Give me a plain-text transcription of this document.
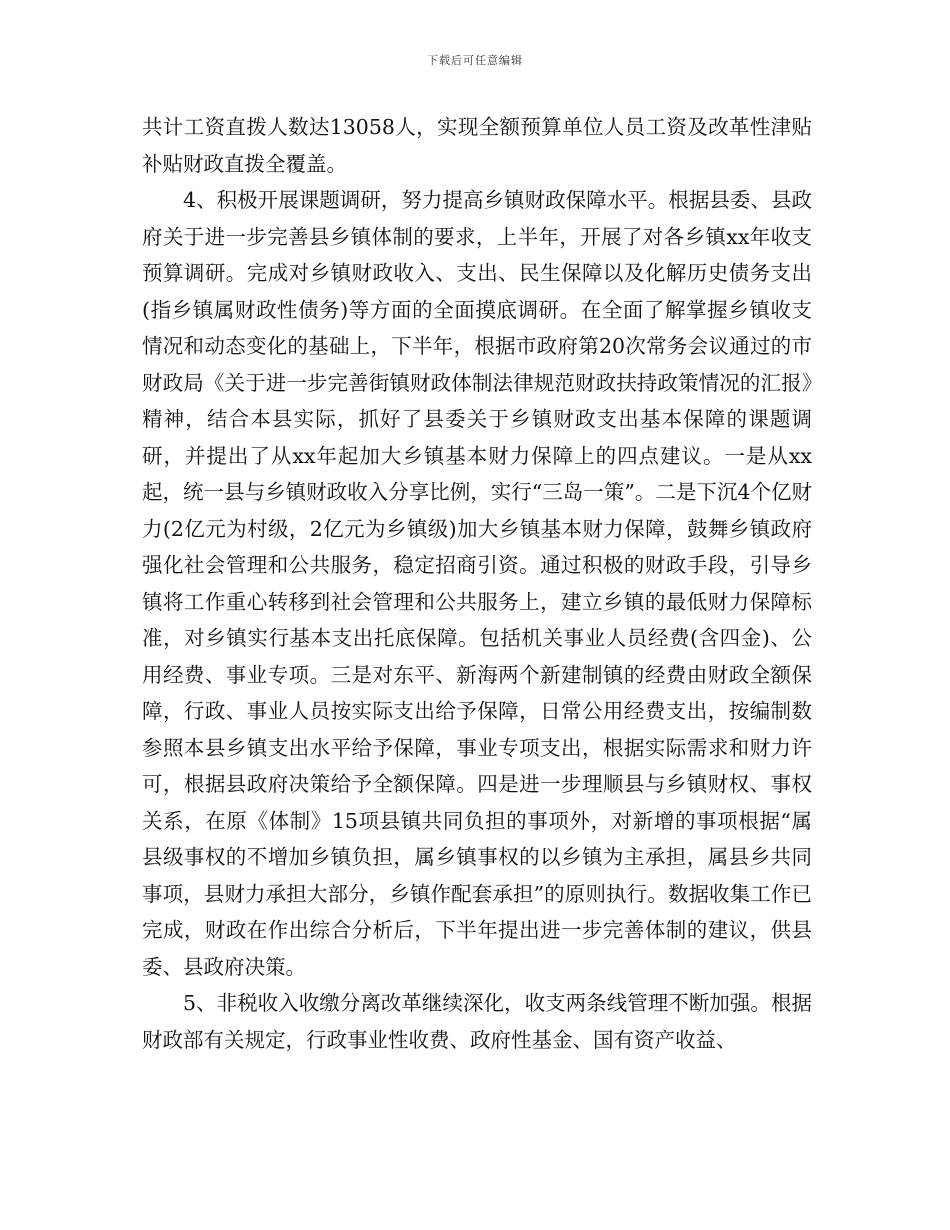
下载后可任意编辑

共计工资直拨人数达13058人，实现全额预算单位人员工资及改革性津贴补贴财政直拨全覆盖。

4、积极开展课题调研，努力提高乡镇财政保障水平。根据县委、县政府关于进一步完善县乡镇体制的要求，上半年，开展了对各乡镇xx年收支预算调研。完成对乡镇财政收入、支出、民生保障以及化解历史债务支出(指乡镇属财政性债务)等方面的全面摸底调研。在全面了解掌握乡镇收支情况和动态变化的基础上，下半年，根据市政府第20次常务会议通过的市财政局《关于进一步完善街镇财政体制法律规范财政扶持政策情况的汇报》精神，结合本县实际，抓好了县委关于乡镇财政支出基本保障的课题调研，并提出了从xx年起加大乡镇基本财力保障上的四点建议。一是从xx起，统一县与乡镇财政收入分享比例，实行“三岛一策”。二是下沉4个亿财力(2亿元为村级，2亿元为乡镇级)加大乡镇基本财力保障，鼓舞乡镇政府强化社会管理和公共服务，稳定招商引资。通过积极的财政手段，引导乡镇将工作重心转移到社会管理和公共服务上，建立乡镇的最低财力保障标准，对乡镇实行基本支出托底保障。包括机关事业人员经费(含四金)、公用经费、事业专项。三是对东平、新海两个新建制镇的经费由财政全额保障，行政、事业人员按实际支出给予保障，日常公用经费支出，按编制数参照本县乡镇支出水平给予保障，事业专项支出，根据实际需求和财力许可，根据县政府决策给予全额保障。四是进一步理顺县与乡镇财权、事权关系，在原《体制》15项县镇共同负担的事项外，对新增的事项根据“属县级事权的不增加乡镇负担，属乡镇事权的以乡镇为主承担，属县乡共同事项，县财力承担大部分，乡镇作配套承担”的原则执行。数据收集工作已完成，财政在作出综合分析后，下半年提出进一步完善体制的建议，供县委、县政府决策。

5、非税收入收缴分离改革继续深化，收支两条线管理不断加强。根据财政部有关规定，行政事业性收费、政府性基金、国有资产收益、
